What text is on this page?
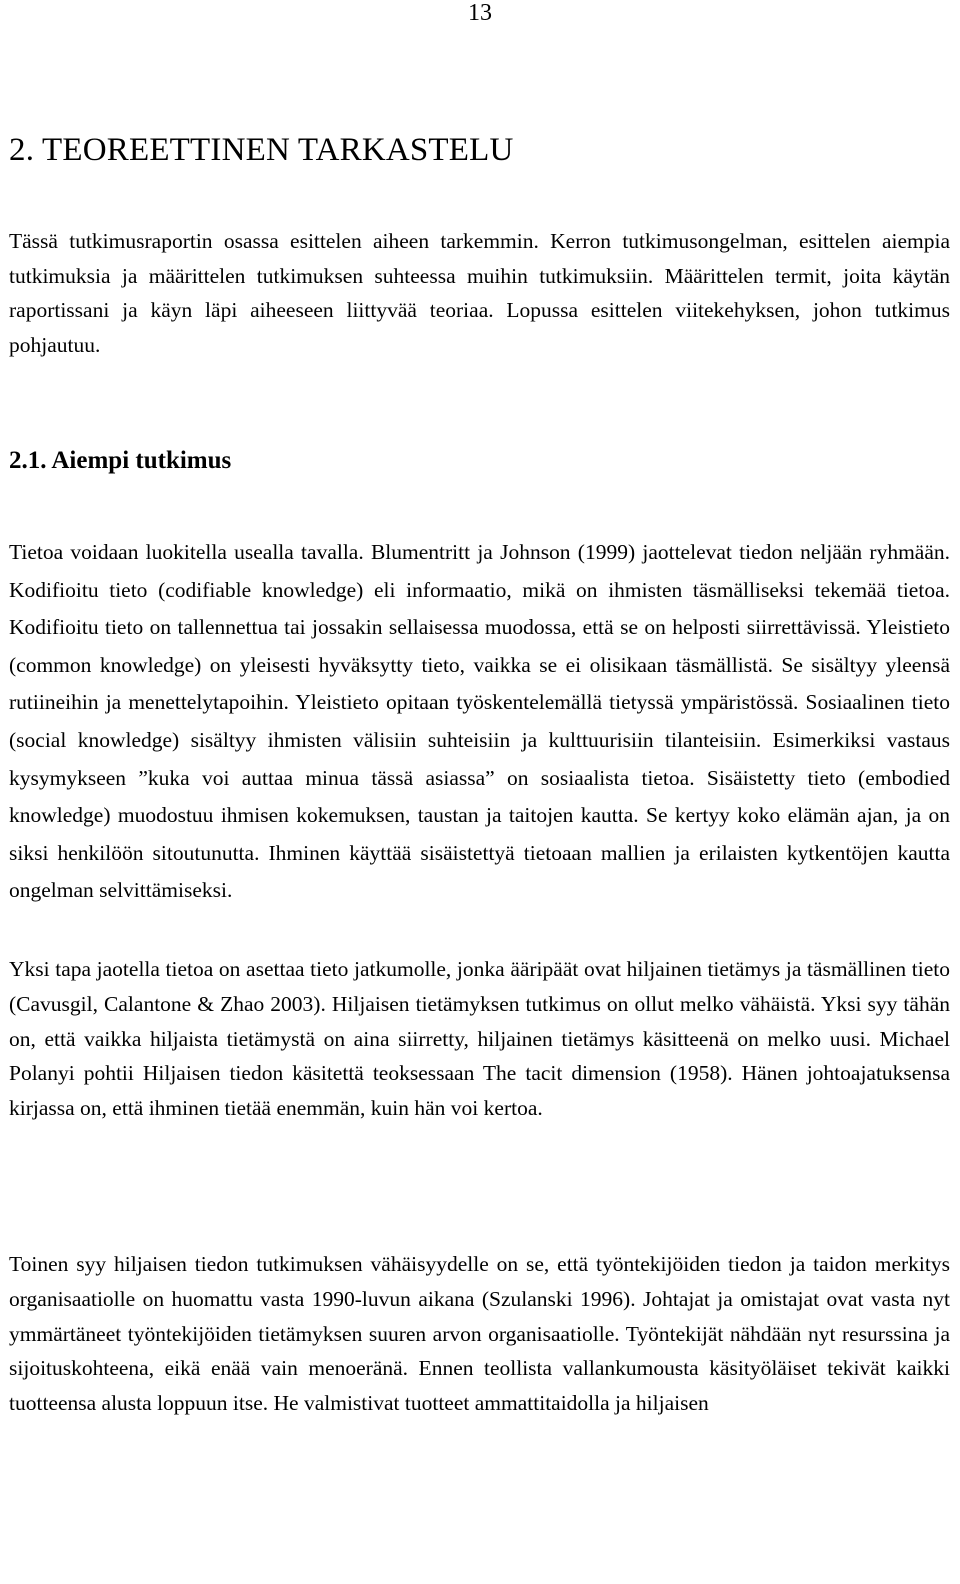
13
2. TEOREETTINEN TARKASTELU

Tässä tutkimusraportin osassa esittelen aiheen tarkemmin. Kerron tutkimusongelman, esittelen aiempia tutkimuksia ja määrittelen tutkimuksen suhteessa muihin tutkimuksiin. Määrittelen termit, joita käytän raportissani ja käyn läpi aiheeseen liittyvää teoriaa. Lopussa esittelen viitekehyksen, johon tutkimus pohjautuu.

2.1. Aiempi tutkimus

Tietoa voidaan luokitella usealla tavalla. Blumentritt ja Johnson (1999) jaottelevat tiedon neljään ryhmään. Kodifioitu tieto (codifiable knowledge) eli informaatio, mikä on ihmisten täsmälliseksi tekemää tietoa. Kodifioitu tieto on tallennettua tai jossakin sellaisessa muodossa, että se on helposti siirrettävissä. Yleistieto (common knowledge) on yleisesti hyväksytty tieto, vaikka se ei olisikaan täsmällistä. Se sisältyy yleensä rutiineihin ja menettelytapoihin. Yleistieto opitaan työskentelemällä tietyssä ympäristössä. Sosiaalinen tieto (social knowledge) sisältyy ihmisten välisiin suhteisiin ja kulttuurisiin tilanteisiin. Esimerkiksi vastaus kysymykseen ”kuka voi auttaa minua tässä asiassa” on sosiaalista tietoa. Sisäistetty tieto (embodied knowledge) muodostuu ihmisen kokemuksen, taustan ja taitojen kautta. Se kertyy koko elämän ajan, ja on siksi henkilöön sitoutunutta. Ihminen käyttää sisäistettyä tietoaan mallien ja erilaisten kytkentöjen kautta ongelman selvittämiseksi.

Yksi tapa jaotella tietoa on asettaa tieto jatkumolle, jonka ääripäät ovat hiljainen tietämys ja täsmällinen tieto (Cavusgil, Calantone & Zhao 2003). Hiljaisen tietämyksen tutkimus on ollut melko vähäistä. Yksi syy tähän on, että vaikka hiljaista tietämystä on aina siirretty, hiljainen tietämys käsitteenä on melko uusi. Michael Polanyi pohtii Hiljaisen tiedon käsitettä teoksessaan The tacit dimension (1958). Hänen johtoajatuksensa kirjassa on, että ihminen tietää enemmän, kuin hän voi kertoa.

Toinen syy hiljaisen tiedon tutkimuksen vähäisyydelle on se, että työntekijöiden tiedon ja taidon merkitys organisaatiolle on huomattu vasta 1990-luvun aikana (Szulanski 1996). Johtajat ja omistajat ovat vasta nyt ymmärtäneet työntekijöiden tietämyksen suuren arvon organisaatiolle. Työntekijät nähdään nyt resurssina ja sijoituskohteena, eikä enää vain menoeränä. Ennen teollista vallankumousta käsityöläiset tekivät kaikki tuotteensa alusta loppuun itse. He valmistivat tuotteet ammattitaidolla ja hiljaisen
